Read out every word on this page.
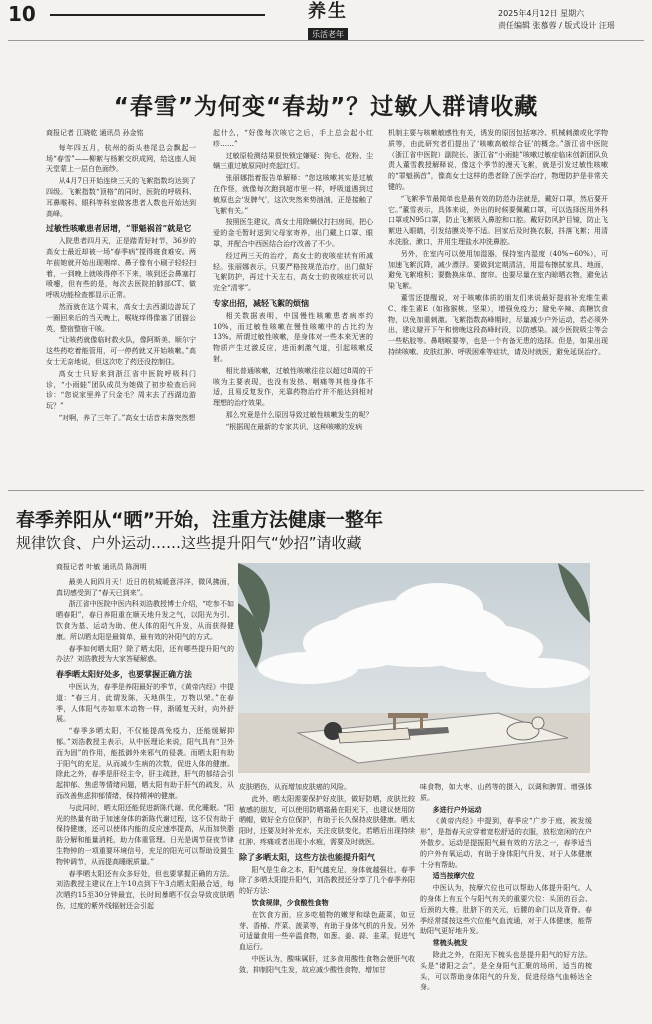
10	养生
乐活老年
2025年4月12日 星期六
责任编辑 张慕蓉 / 版式设计 汪瑶
“春雪”为何变“春劫”？过敏人群请收藏

商报记者 江晓乾 通讯员 孙金铭

每年四五月，杭州的街头巷尾总会飘起一场“春雪”——柳絮与杨絮交织成网，给这座人间天堂蒙上一层白色面纱。

从4月7日开始连续三天的飞絮指数均达到了四级。飞絮指数“顶格”的同时，医院的呼吸科、耳鼻喉科、眼科等科室做客患者人数也开始达到高峰。

过敏性咳嗽患者居增，“罪魁祸首”就是它

入院患者四月天，正是踏青好时节，36岁的高女士最近却被一场“春季病”搅得寝食难安。两年前她就开始出现咽痒、鼻子像有小刷子轻轻扫着，一到晚上就咳得停不下来，咳到还会鼻塞打喷嚏，但有些的是，每次去医院拍肺部CT、做呼吸功能检查都显示正常。

然而就在这个周末，高女士去西湖边游玩了一圈回来后的当天晚上，喉咙痒得像塞了团猫公英，整宿整宿干咳。

“让咳药就像临时救火队，像阿斯美、顺尔宁这些药吃着能管用，可一停药就又开始咳嗽。”高女士无奈地说，但这次吃了药还没控制住。

高女士只好来到浙江省中医院呼吸科门诊，“小雨蛙”团队成员为她做了初步检查后问诊：“您说家里养了只金毛？周末去了西湖边游玩？”

“对啊，养了三年了。”高女士话音未落突然想

起什么，“好像每次咳它之后，手上总会起小红疹……”

过敏原检测结果很快锁定嫌疑：狗毛、花粉、尘螨三重过敏原同时亮起红灯。

张丽娜指着报告单解释：“您这咳嗽其实是过敏在作怪，就像每次跑到超市里一样，呼吸道遇到过敏原也会‘发脾气’，这次突然来势汹汹，正是接触了飞絮有关。”

按照医生建议，高女士用除螨仪打扫房间，把心爱的金毛暂时送到父母家寄养，出门戴上口罩、眼罩，并配合中西医结合治疗改善了不少。

经过两三天的治疗，高女士的夜咳症状有所减轻。张丽娜表示，只要严格按规范治疗，出门做好飞絮防护，再过十天左右，高女士的夜咳症状可以完全“清零”。

专家出招，减轻飞絮的烦恼

相关数据表明，中国慢性咳嗽患者病率约10%，而过敏性咳嗽在慢性咳嗽中的占比约为13%。所谓过敏性咳嗽，是身体对一些本来无害的物质产生过激反应，进而刺激气道，引起咳嗽反射。

相比普通咳嗽，过敏性咳嗽往往以超过8周的干咳为主要表现，也没有发热、咽痛等其他身体不适，且易反复发作，光靠药物治疗并不能达到相对理想的治疗效果。

那么究竟是什么原因导致过敏性咳嗽发生的呢？

“根据现在最新的专家共识，这种咳嗽的发病

机制主要与咳嗽敏感性有关，诱发的原因包括寒冷、机械刺激或化学物质等，由此研究者们提出了‘咳嗽高敏综合征’的概念。”浙江省中医院（浙江省中医院）副院长、浙江省“小雨蛙”咳嗽过敏症临床创新团队负责人董雪教授解释说，像这个季节的漫天飞絮，就是引发过敏性咳嗽的“罪魁祸首”，像高女士这样的患者除了医学治疗，物理防护是非常关键的。

“飞絮季节最简单也是最有效的防范办法就是，戴好口罩，然后要开它。”董雪表示，具体来说，外出的时候要佩戴口罩，可以选择医用外科口罩或N95口罩，防止飞絮吸入鼻腔和口腔。戴好防风护目镜，防止飞絮进入眼睛，引发结膜炎等不适。回家后及时换衣服，抖落飞絮；用清水洗脸、漱口，并用生理盐水冲洗鼻腔。

另外，在室内可以使用加湿器，保持室内湿度（40%~60%），可加速飞絮沉降，减少漂浮。要做到定期清洁，用湿布擦拭家具、地面，避免飞絮堆积；要勤换床单、窗帘。也要尽量在室内晾晒衣物，避免沾染飞絮。

董雪还提醒说，对于咳嗽体质的朋友们来说最好提前补充维生素C、维生素E（如猕猴桃、坚果），增强免疫力；避免辛辣、高糖饮食物，以免加重刺激。飞絮指数高峰期时，尽量减少户外运动，若必须外出，建议避开下午和傍晚这段高峰时段，以防感染。减少医院吸尘等会一些粘胶等。鼻咽喉要等，也是一个有备无患的选择。但是，如果出现持续咳嗽、皮肤红肿、呼吸困难等症状，请及时就医，避免延误治疗。

春季养阳从“晒”开始，注重方法健康一整年
规律饮食、户外运动……这些提升阳气“妙招”请收藏

商报记者 叶敏 通讯员 陈润明

最美人间四月天！近日的杭城暖意洋洋，微风拂面，真切感受到了“春天已到来”。

浙江省中医院中医内科刘浩教授博士介绍，“吃参不如晒春阳”，春日养阳重在顺天地升发之气，以阳光为引、饮食为基、运动为助、使人体的阳气升发，从而获得健康。所以晒太阳是最简单，最有效的补阳气的方式。

春季如何晒太阳？除了晒太阳，还有哪些提升阳气的办法？刘浩教授为大家答疑解惑。

春季晒太阳好处多，也要掌握正确方法

中医认为，春季是养阳最好的季节，《黄帝内经》中提道：“春三月，此谓发陈，天地俱生，万物以荣。”在春季，人体阳气亦如草木动物一样，渐暖复天时，向外舒展。

“春季多晒太阳，不仅能提高免疫力，还能缓解抑郁。”刘浩教授主表示，从中医理论来说，阳气具有“卫外而为固”的作用，能抵御外来邪气的侵袭。而晒太阳有助于阳气的充足，从而减少生病的次数，促进人体的健康。除此之外，春季是肝经主令，肝主疏泄，肝气的郁结会引起抑郁、焦虑等情绪问题，晒太阳有助于肝气的疏发，从而改善焦虑抑郁情绪，保持精神的健康。

与此同时，晒太阳还能促进新陈代谢、优化睡眠。“阳光的热量有助于加速身体的新陈代谢过程，这不仅有助于保持健康，还可以使体内能的反应速率提高，从而加快脂肪分解和能量消耗，助力体重管理。日光是调节昼夜节律生物钟的一项重要环境信号，充足的阳光可以帮助设置生物钟调节，从而提高睡眠质量。”

春季晒太阳还有众多好处，但也要掌握正确的方法。刘浩教授主建议在上午10点到下午3点晒太阳最合适，每次晒约15至30分钟最宜，长时间暴晒不仅会导致皮肤晒伤，过度的紫外线辐射还会引起

皮肤晒伤，从而增加皮肤癌的风险。

此外，晒太阳需要保护好皮肤，做好防晒，皮肤比较敏感的朋友，可以使用防晒霜最在阳光下，也建议使用防晒帽，做好全方位保护，有助于长久保持皮肤健康。晒太阳时，还要及时补充水，关注皮肤变化，若晒后出现持续红肿、疼痛或者出现小水疱，需要及时就医。

除了多晒太阳，这些方法也能提升阳气

阳气是生命之本，阳气越充足，身体就越强壮。春季除了多晒太阳提升阳气，刘浩教授还分享了几个春季养阳的好方法：

饮食规律，少食酸性食物

在饮食方面，应多吃植物的嫩芽和绿色蔬菜，如豆芽、香椿、芹菜、菠菜等，有助于身体气机的升发。另外可适量食用一些辛温食物，如葱、姜、蒜、韭菜，促进气血运行。

中医认为，酸味属肝，过多食用酸性食物会使肝气收敛，抑制阳气生发，故应减少酸性食物，增加甘

味食物，如大枣、山药等的摄入，以调和脾胃、增强体质。

多进行户外运动

《黄帝内经》中提到，春季应“广步于庭，被发缓形”，是指春天应穿着宽松舒适的衣服，放松宽闲的在户外散步。运动是提振阳气最有效的方法之一，春季适当的户外有氧运动，有助于身体阳气升发，对于人体健康十分有帮助。

适当按摩穴位

中医认为，按摩穴位也可以帮助人体提升阳气。人的身体上有五个与阳气有关的重要穴位：头顶的百会、后颈的大椎，肚脐下的关元，后腰的命门以及背脊。春季经常揉按这些穴位能气血流通，对于人体健康，能帮助阳气更好地升发。

常梳头梳发

除此之外，在阳光下梳头也是提升阳气的好方法。头是“诸阳之会”，是全身阳气汇聚的场所，适当的梳头，可以帮助身体阳气的升发，促进经络气血畅达全身。
